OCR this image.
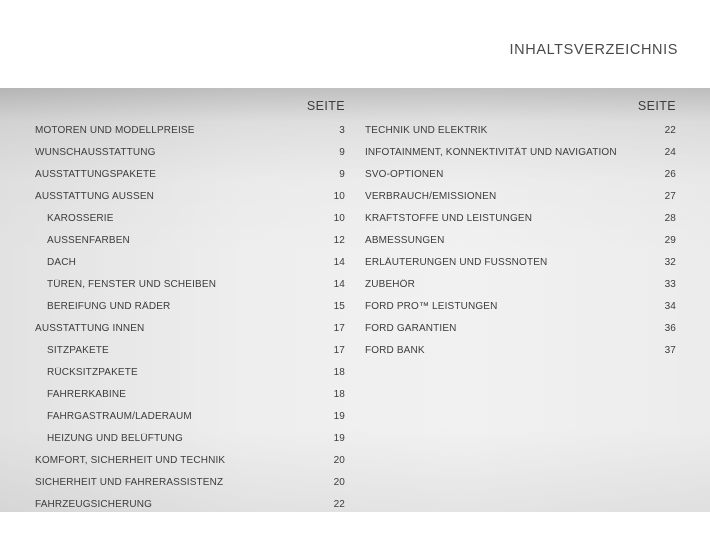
INHALTSVERZEICHNIS
SEITE
MOTOREN UND MODELLPREISE	3
WUNSCHAUSSTATTUNG	9
AUSSTATTUNGSPAKETE	9
AUSSTATTUNG AUSSEN	10
KAROSSERIE	10
AUSSENFARBEN	12
DACH	14
TÜREN, FENSTER UND SCHEIBEN	14
BEREIFUNG UND RÄDER	15
AUSSTATTUNG INNEN	17
SITZPAKETE	17
RÜCKSITZPAKETE	18
FAHRERKABINE	18
FAHRGASTRAUM/LADERAUM	19
HEIZUNG UND BELÜFTUNG	19
KOMFORT, SICHERHEIT UND TECHNIK	20
SICHERHEIT UND FAHRERASSISTENZ	20
FAHRZEUGSICHERUNG	22
SEITE
TECHNIK UND ELEKTRIK	22
INFOTAINMENT, KONNEKTIVITÄT UND NAVIGATION	24
SVO-OPTIONEN	26
VERBRAUCH/EMISSIONEN	27
KRAFTSTOFFE UND LEISTUNGEN	28
ABMESSUNGEN	29
ERLÄUTERUNGEN UND FUSSNOTEN	32
ZUBEHÖR	33
FORD PRO™ LEISTUNGEN	34
FORD GARANTIEN	36
FORD BANK	37
